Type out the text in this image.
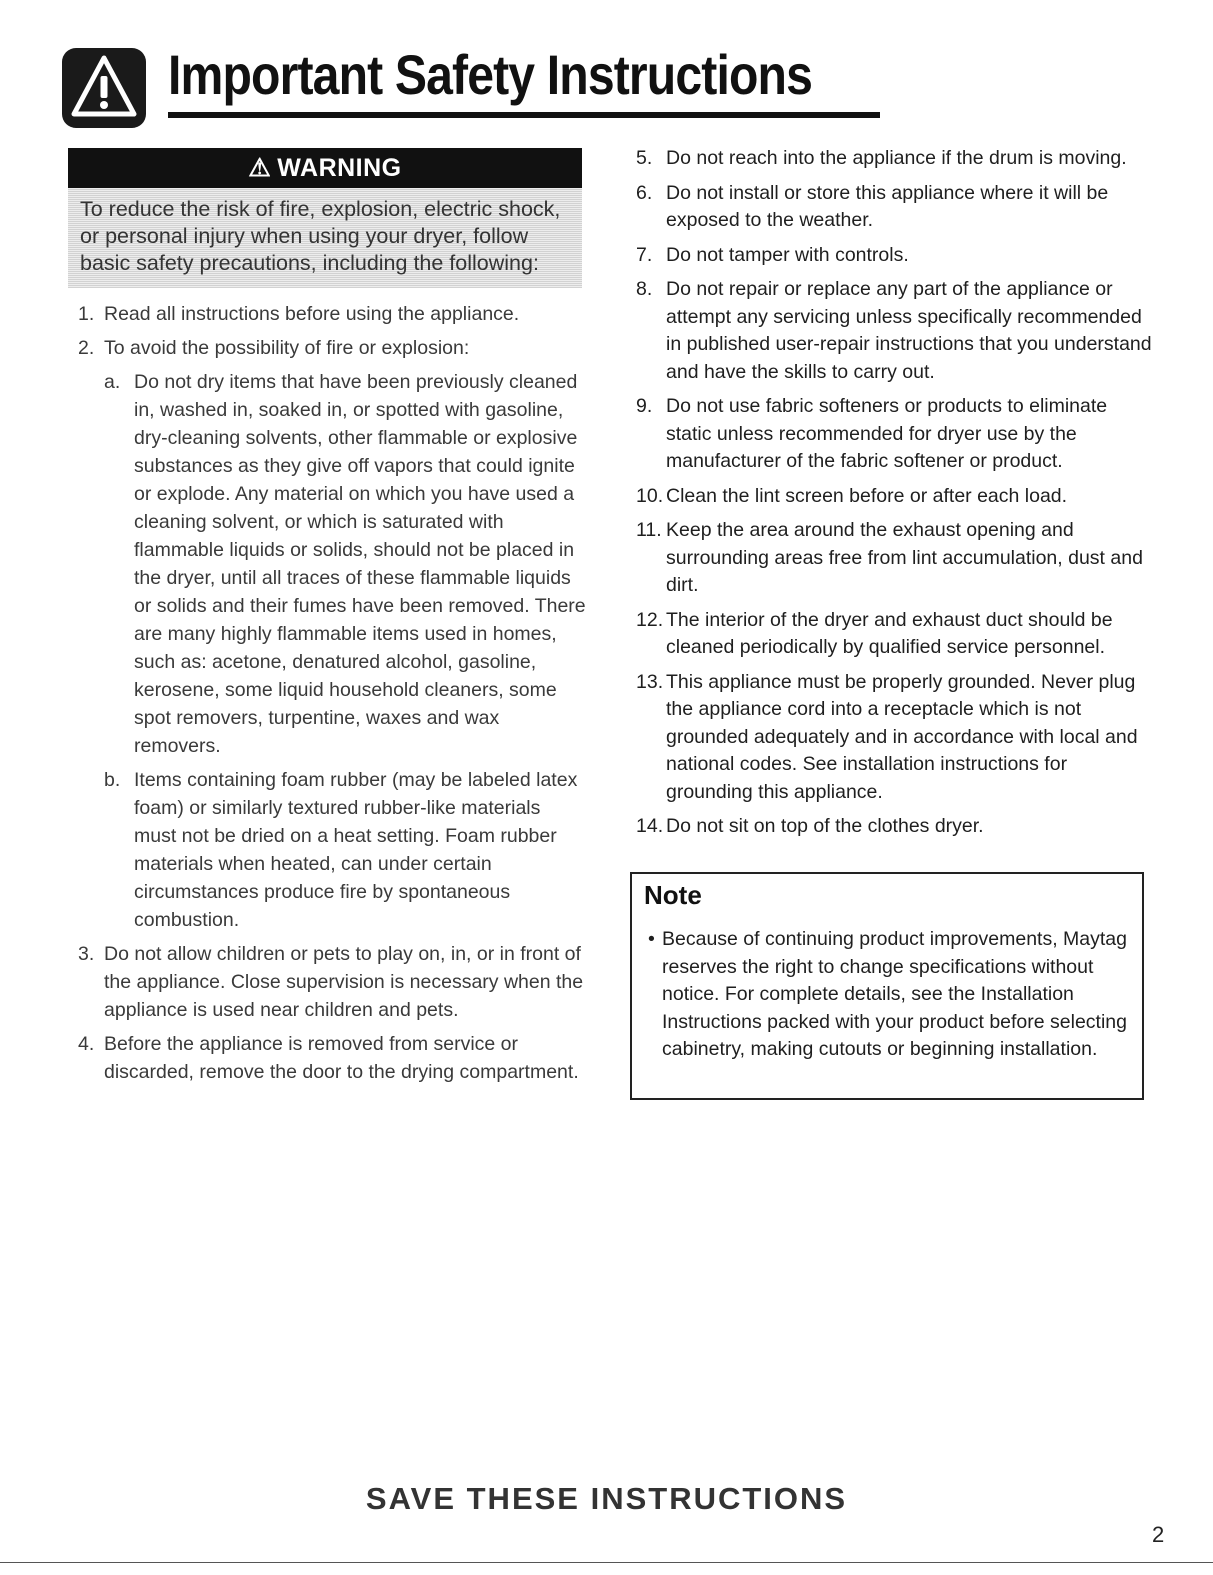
Important Safety Instructions
⚠ WARNING
To reduce the risk of fire, explosion, electric shock, or personal injury when using your dryer, follow basic safety precautions, including the following:
1. Read all instructions before using the appliance.
2. To avoid the possibility of fire or explosion:
a. Do not dry items that have been previously cleaned in, washed in, soaked in, or spotted with gasoline, dry-cleaning solvents, other flammable or explosive substances as they give off vapors that could ignite or explode. Any material on which you have used a cleaning solvent, or which is saturated with flammable liquids or solids, should not be placed in the dryer, until all traces of these flammable liquids or solids and their fumes have been removed. There are many highly flammable items used in homes, such as: acetone, denatured alcohol, gasoline, kerosene, some liquid household cleaners, some spot removers, turpentine, waxes and wax removers.
b. Items containing foam rubber (may be labeled latex foam) or similarly textured rubber-like materials must not be dried on a heat setting. Foam rubber materials when heated, can under certain circumstances produce fire by spontaneous combustion.
3. Do not allow children or pets to play on, in, or in front of the appliance. Close supervision is necessary when the appliance is used near children and pets.
4. Before the appliance is removed from service or discarded, remove the door to the drying compartment.
5. Do not reach into the appliance if the drum is moving.
6. Do not install or store this appliance where it will be exposed to the weather.
7. Do not tamper with controls.
8. Do not repair or replace any part of the appliance or attempt any servicing unless specifically recommended in published user-repair instructions that you understand and have the skills to carry out.
9. Do not use fabric softeners or products to eliminate static unless recommended for dryer use by the manufacturer of the fabric softener or product.
10. Clean the lint screen before or after each load.
11. Keep the area around the exhaust opening and surrounding areas free from lint accumulation, dust and dirt.
12. The interior of the dryer and exhaust duct should be cleaned periodically by qualified service personnel.
13. This appliance must be properly grounded. Never plug the appliance cord into a receptacle which is not grounded adequately and in accordance with local and national codes. See installation instructions for grounding this appliance.
14. Do not sit on top of the clothes dryer.
Note
• Because of continuing product improvements, Maytag reserves the right to change specifications without notice. For complete details, see the Installation Instructions packed with your product before selecting cabinetry, making cutouts or beginning installation.
SAVE THESE INSTRUCTIONS
2
